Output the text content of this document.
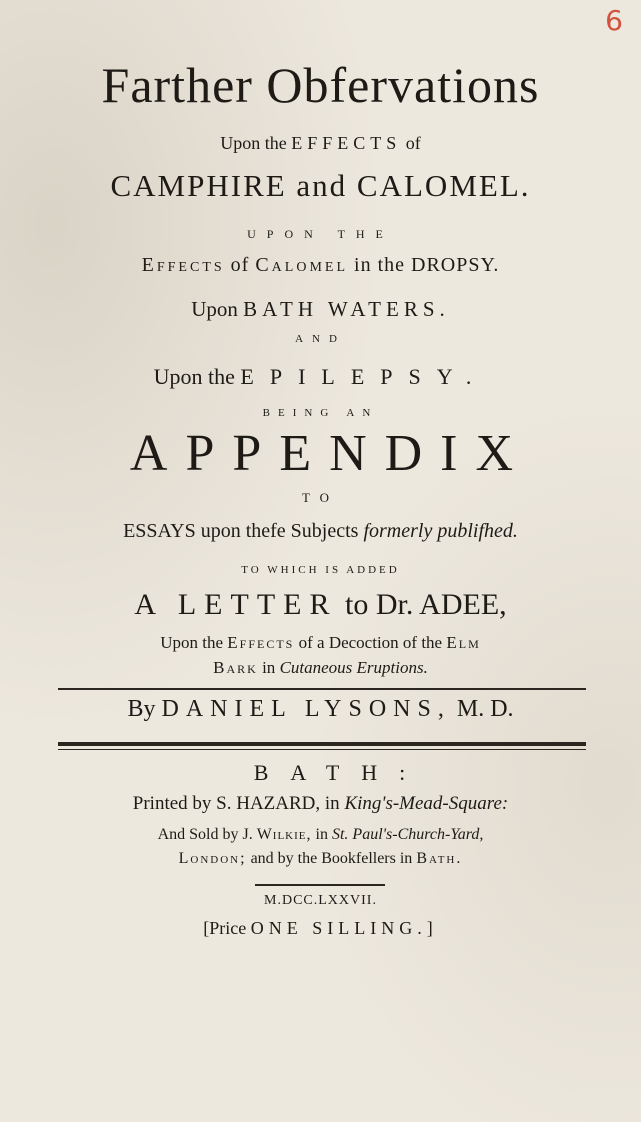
6
Farther Obfervations
Upon the EFFECTS of
CAMPHIRE and CALOMEL.
UPON THE
Effects of Calomel in the DROPSY.
Upon BATH WATERS.
AND
Upon the EPILEPSY.
BEING AN
APPENDIX
TO
ESSAYS upon thefe Subjects formerly publifhed.
TO WHICH IS ADDED
A LETTER to Dr. ADEE,
Upon the Effects of a Decoction of the Elm
Bark in Cutaneous Eruptions.
By DANIEL LYSONS, M. D.
BATH:
Printed by S. HAZARD, in King's-Mead-Square:
And Sold by J. Wilkie, in St. Paul's-Church-Yard,
London; and by the Bookfellers in Bath.
M.DCC.LXXVII.
[Price ONE SILLING.]
